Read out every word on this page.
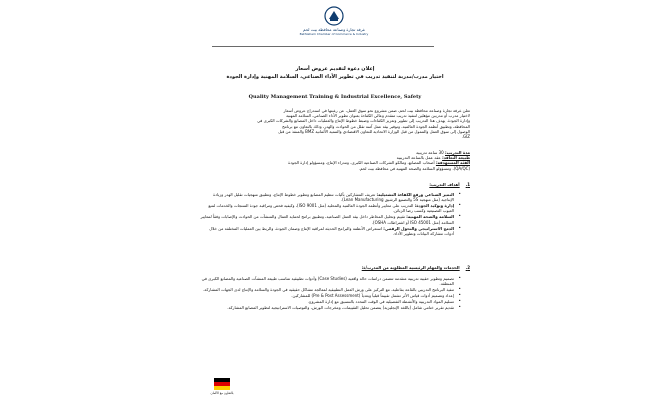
غرفة تجارة وصناعة محافظة بيت لحم
Bethlehem Chamber of Commerce & Industry
إعلان دعوة لتقديم عروض أسعار
اختيار مدرب/مدربة لتنفيذ تدريب في تطوير الأداء الصناعي، السلامة المهنية وإدارة الجودة
Quality Management Training & Industrial Excellence, Safety
تعلن غرفة تجارة وصناعة محافظة بيت لحم، ضمن مشروع نحو سوق العمل، عن رغبتها في استدراج عروض أسعار
لاختيار مدرب أو مدربين مؤهلين لتنفيذ تدريب متقدم وعالي الكفاءة بعنوان تطوير الأداء الصناعي، السلامة المهنية
وإدارة الجودة. يهدف هذا التدريب إلى تطوير وتعزيز الكفاءات وضبط خطوط الإنتاج والعمليات داخل المصانع والشركات الكبرى في
المحافظة، وتطبيق أنظمة الجودة العالمية، وتوفير بيئة عمل آمنة تقلل من الحوادث والهدر، وذلك بالتعاون مع برنامج
الوصول إلى سوق العمل والممول من قبل الوزارة الاتحادية للتعاون الاقتصادي والتنمية الألمانية BMZ والمنفذ من قبل
GIZ.
مدة التدريب: 30 ساعة تدريبية
طبيعة التعاقد: عقد عمل بالساعة التدريبية
الفئة المستهدفة: أصحاب المصانع، ومالكو الشركات الصناعية الكبرى، ومدراء الإنتاج، ومسؤولو إدارة الجودة
(QA/QC)، ومسؤولو السلامة والصحة المهنية في محافظة بيت لحم.
1.أهداف التدريب:
• التميز الصناعي ورفع الكفاءة التشغيلية: تعريف المشاركين بآليات تنظيم المصانع وتطوير خطوط الإنتاج، وتطبيق منهجيات تقليل الهدر وزيادة الإنتاجية (مثل منهجية 5S والتصنيع الرشيق Lean Manufacturing).
• إدارة وتوكيد الجودة: التدريب على معايير وأنظمة الجودة العالمية والمحلية (مثل ISO 9001)، وكيفية فحص ومراقبة جودة المنتجات والخدمات لمنع العيوب التصنيعية وكسب رضا الزبائن.
• السلامة والصحة المهنية: تقييم وتحليل المخاطر داخل بيئة العمل الصناعية، وتطبيق برامج لحماية العمال والمنشآت من الحوادث والإصابات وفقاً لمعايير السلامة (مثل ISO 45001 أو اشتراطات OSHA).
• الدمج الاستراتيجي والتحول الرقمي: استعراض الأنظمة والبرامج الحديثة لمراقبة الإنتاج وضمان الجودة، والربط بين العمليات المختلفة من خلال أدوات مشاركة البيانات وتطوير الأداء.
2.الخدمات والمهام الرئيسية المطلوبة من المدرب/ة:
• تصميم وتطوير حقيبة تدريبية متقدمة تتضمن دراسات حالة واقعية (Case Studies) وأدوات تطبيقية تتناسب طبيعة المنشآت الصناعية والمصانع الكبرى في المنطقة.
• تنفيذ البرنامج التدريبي بالقاعة بفاعلية، مع التركيز على ورش العمل التطبيقية لمعالجة مشاكل حقيقية في الجودة والسلامة والإنتاج لدى الجهات المشاركة.
• إعداد وتصميم أدوات قياس الأثر تشمل تقييماً قبلياً وبعدياً (Pre & Post Assessment) للمشاركين.
• تسليم المواد التدريبية والأنشطة التفصيلية في الوقت المحدد بالتنسيق مع إدارة المشروع.
• تقديم تقرير ختامي شامل (باللغة الإنجليزية) يتضمن تحليل التقييمات، ومخرجات الورش، والتوصيات الاستراتيجية لتطوير المصانع المشاركة.
بالتعاون مع الألمان
